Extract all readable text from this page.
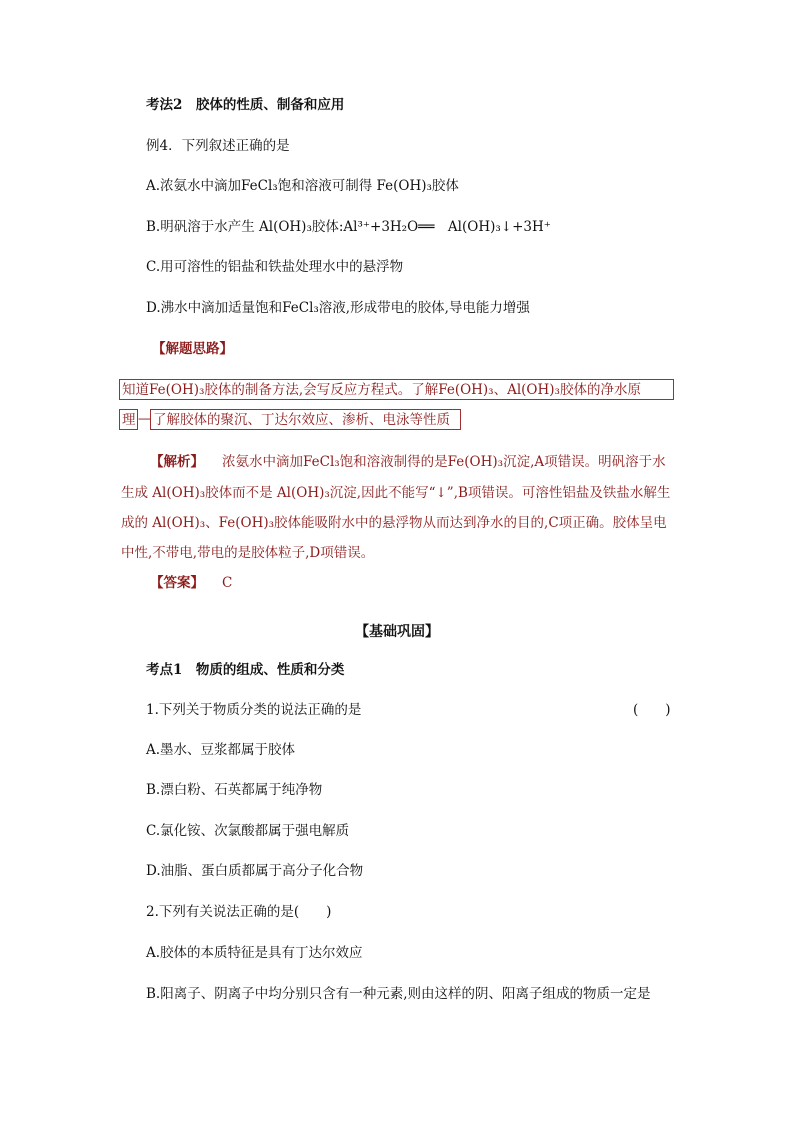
考法2　胶体的性质、制备和应用
例4．下列叙述正确的是
A.浓氨水中滴加FeCl₃饱和溶液可制得 Fe(OH)₃胶体
B.明矾溶于水产生 Al(OH)₃胶体:Al³⁺+3H₂O══　Al(OH)₃↓+3H⁺
C.用可溶性的铝盐和铁盐处理水中的悬浮物
D.沸水中滴加适量饱和FeCl₃溶液,形成带电的胶体,导电能力增强
【解题思路】
知道Fe(OH)₃胶体的制备方法,会写反应方程式。了解Fe(OH)₃、Al(OH)₃胶体的净水原
理 — 了解胶体的聚沉、丁达尔效应、渗析、电泳等性质
【解析】 浓氨水中滴加FeCl₃饱和溶液制得的是Fe(OH)₃沉淀,A项错误。明矾溶于水
生成 Al(OH)₃胶体而不是 Al(OH)₃沉淀,因此不能写“↓”,B项错误。可溶性铝盐及铁盐水解生
成的 Al(OH)₃、Fe(OH)₃胶体能吸附水中的悬浮物从而达到净水的目的,C项正确。胶体呈电
中性,不带电,带电的是胶体粒子,D项错误。
【答案】 C
【基础巩固】
考点1　物质的组成、性质和分类
1.下列关于物质分类的说法正确的是	(　　)
A.墨水、豆浆都属于胶体
B.漂白粉、石英都属于纯净物
C.氯化铵、次氯酸都属于强电解质
D.油脂、蛋白质都属于高分子化合物
2.下列有关说法正确的是(　　)
A.胶体的本质特征是具有丁达尔效应
B.阳离子、阴离子中均分别只含有一种元素,则由这样的阴、阳离子组成的物质一定是
